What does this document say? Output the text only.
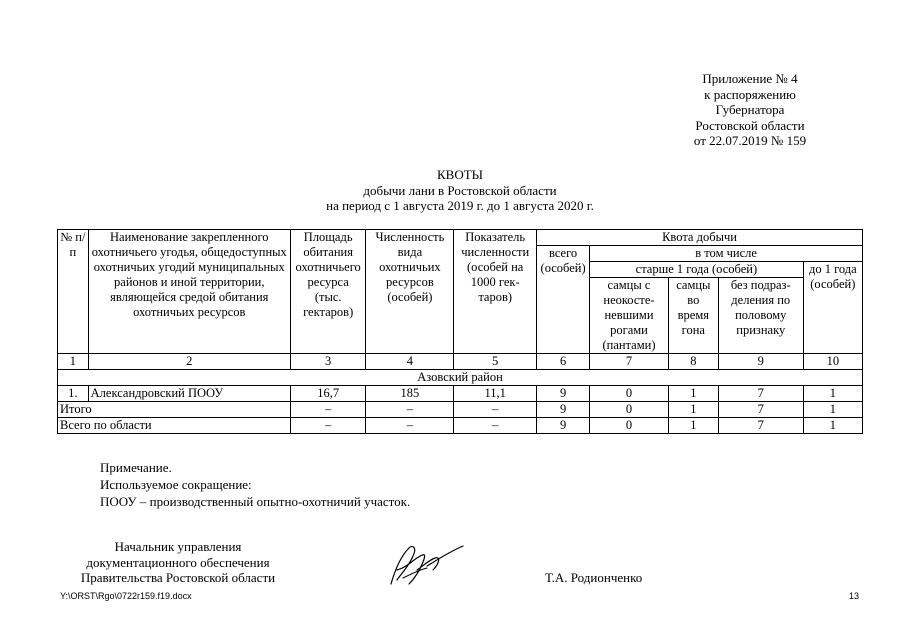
Приложение № 4
к распоряжению
Губернатора
Ростовской области
от 22.07.2019 № 159
КВОТЫ
добычи лани в Ростовской области
на период с 1 августа 2019 г. до 1 августа 2020 г.
№ п/п	Наименование закрепленного охотничьего угодья, общедоступных охотничьих угодий муниципальных районов и иной территории, являющейся средой обитания охотничьих ресурсов	Площадь обитания охотничьего ресурса (тыс. гектаров)	Численность вида охотничьих ресурсов (особей)	Показатель численности (особей на 1000 гектаров)	Квота добычи				
					всего (особей)	в том числе			
						старше 1 года (особей)			до 1 года (особей)
						самцы с неокостеневшими рогами (пантами)	самцы во время гона	без подразделения по половому признаку	
1	2	3	4	5	6	7	8	9	10
Азовский район									
1.	Александровский ПООУ	16,7	185	11,1	9	0	1	7	1
Итого		–	–	–	9	0	1	7	1
Всего по области		–	–	–	9	0	1	7	1
Примечание.
Используемое сокращение:
ПООУ – производственный опытно-охотничий участок.
Начальник управления
документационного обеспечения
Правительства Ростовской области	Т.А. Родионченко
Y:\ORST\Rgo\0722r159.f19.docx	13
